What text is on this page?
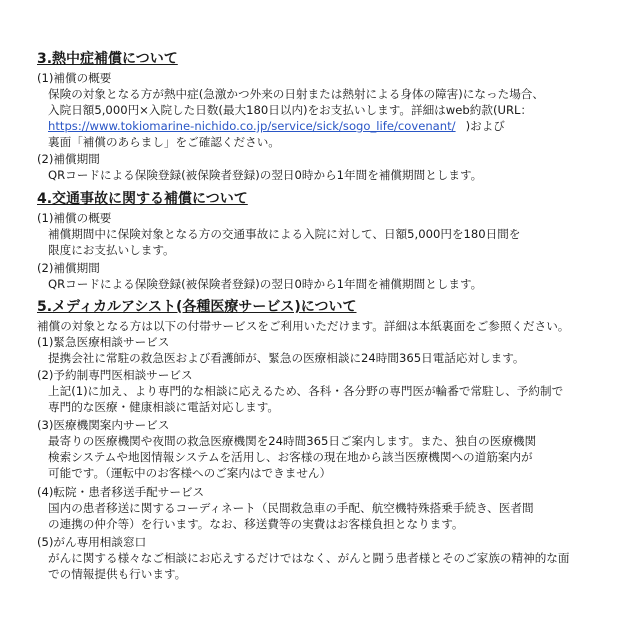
3.熱中症補償について
(1)補償の概要
保険の対象となる方が熱中症(急激かつ外来の日射または熱射による身体の障害)になった場合、
入院日額5,000円×入院した日数(最大180日以内)をお支払いします。詳細はweb約款(URL：
https://www.tokiomarine-nichido.co.jp/service/sick/sogo_life/covenant/ )および
裏面「補償のあらまし」をご確認ください。
(2)補償期間
QRコードによる保険登録(被保険者登録)の翌日0時から1年間を補償期間とします。
4.交通事故に関する補償について
(1)補償の概要
補償期間中に保険対象となる方の交通事故による入院に対して、日額5,000円を180日間を
限度にお支払いします。
(2)補償期間
QRコードによる保険登録(被保険者登録)の翌日0時から1年間を補償期間とします。
5.メディカルアシスト(各種医療サービス)について
補償の対象となる方は以下の付帯サービスをご利用いただけます。詳細は本紙裏面をご参照ください。
(1)緊急医療相談サービス
提携会社に常駐の救急医および看護師が、緊急の医療相談に24時間365日電話応対します。
(2)予約制専門医相談サービス
上記(1)に加え、より専門的な相談に応えるため、各科・各分野の専門医が輪番で常駐し、予約制で
専門的な医療・健康相談に電話対応します。
(3)医療機関案内サービス
最寄りの医療機関や夜間の救急医療機関を24時間365日ご案内します。また、独自の医療機関
検索システムや地図情報システムを活用し、お客様の現在地から該当医療機関への道筋案内が
可能です。（運転中のお客様へのご案内はできません）
(4)転院・患者移送手配サービス
国内の患者移送に関するコーディネート（民間救急車の手配、航空機特殊搭乗手続き、医者間
の連携の仲介等）を行います。なお、移送費等の実費はお客様負担となります。
(5)がん専用相談窓口
がんに関する様々なご相談にお応えするだけではなく、がんと闘う患者様とそのご家族の精神的な面
での情報提供も行います。
